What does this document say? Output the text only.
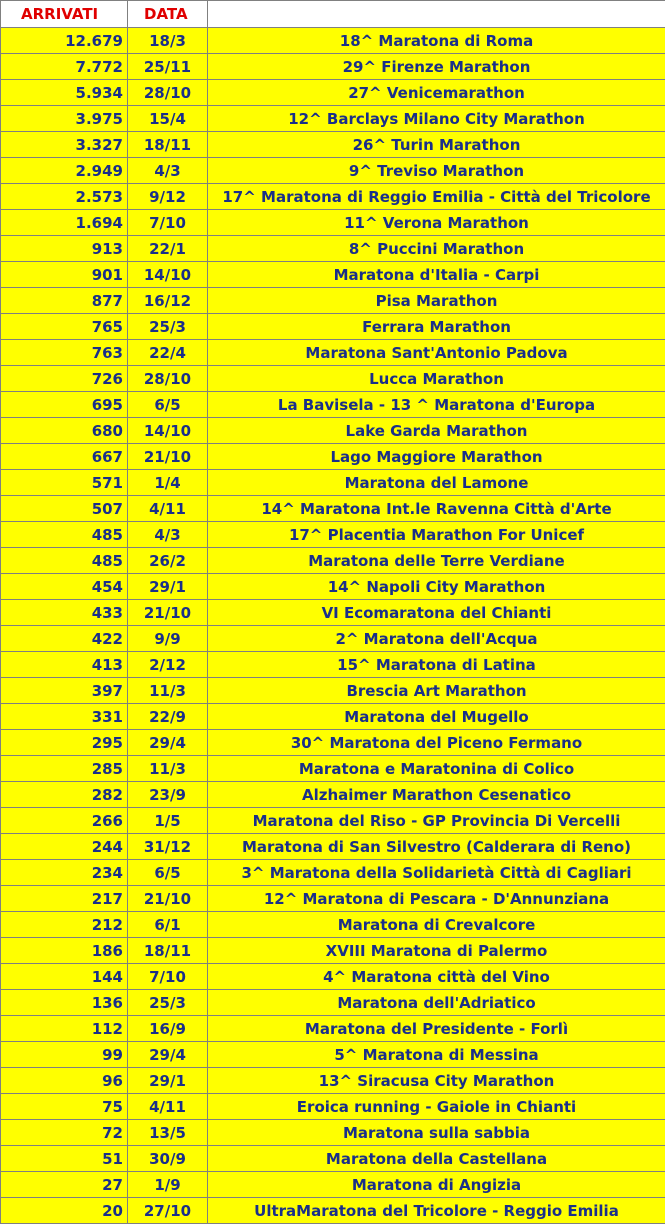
ARRIVATI	DATA	
12.679	18/3	18^ Maratona di Roma
7.772	25/11	29^ Firenze Marathon
5.934	28/10	27^ Venicemarathon
3.975	15/4	12^ Barclays Milano City Marathon
3.327	18/11	26^ Turin Marathon
2.949	4/3	9^ Treviso Marathon
2.573	9/12	17^ Maratona di Reggio Emilia - Città del Tricolore
1.694	7/10	11^ Verona Marathon
913	22/1	8^ Puccini Marathon
901	14/10	Maratona d'Italia - Carpi
877	16/12	Pisa Marathon
765	25/3	Ferrara Marathon
763	22/4	Maratona Sant'Antonio Padova
726	28/10	Lucca Marathon
695	6/5	La Bavisela - 13 ^ Maratona d'Europa
680	14/10	Lake Garda Marathon
667	21/10	Lago Maggiore Marathon
571	1/4	Maratona del Lamone
507	4/11	14^ Maratona Int.le Ravenna Città d'Arte
485	4/3	17^ Placentia Marathon For Unicef
485	26/2	Maratona delle Terre Verdiane
454	29/1	14^ Napoli City Marathon
433	21/10	VI Ecomaratona del Chianti
422	9/9	2^ Maratona dell'Acqua
413	2/12	15^ Maratona di Latina
397	11/3	Brescia Art Marathon
331	22/9	Maratona del Mugello
295	29/4	30^ Maratona del Piceno Fermano
285	11/3	Maratona e Maratonina di Colico
282	23/9	Alzhaimer Marathon Cesenatico
266	1/5	Maratona del Riso - GP Provincia Di Vercelli
244	31/12	Maratona di San Silvestro (Calderara di Reno)
234	6/5	3^ Maratona della Solidarietà Città di Cagliari
217	21/10	12^ Maratona di Pescara - D'Annunziana
212	6/1	Maratona di Crevalcore
186	18/11	XVIII Maratona di Palermo
144	7/10	4^ Maratona città del Vino
136	25/3	Maratona dell'Adriatico
112	16/9	Maratona del Presidente - Forlì
99	29/4	5^ Maratona di Messina
96	29/1	13^ Siracusa City Marathon
75	4/11	Eroica running - Gaiole in Chianti
72	13/5	Maratona sulla sabbia
51	30/9	Maratona della Castellana
27	1/9	Maratona di Angizia
20	27/10	UltraMaratona del Tricolore - Reggio Emilia
